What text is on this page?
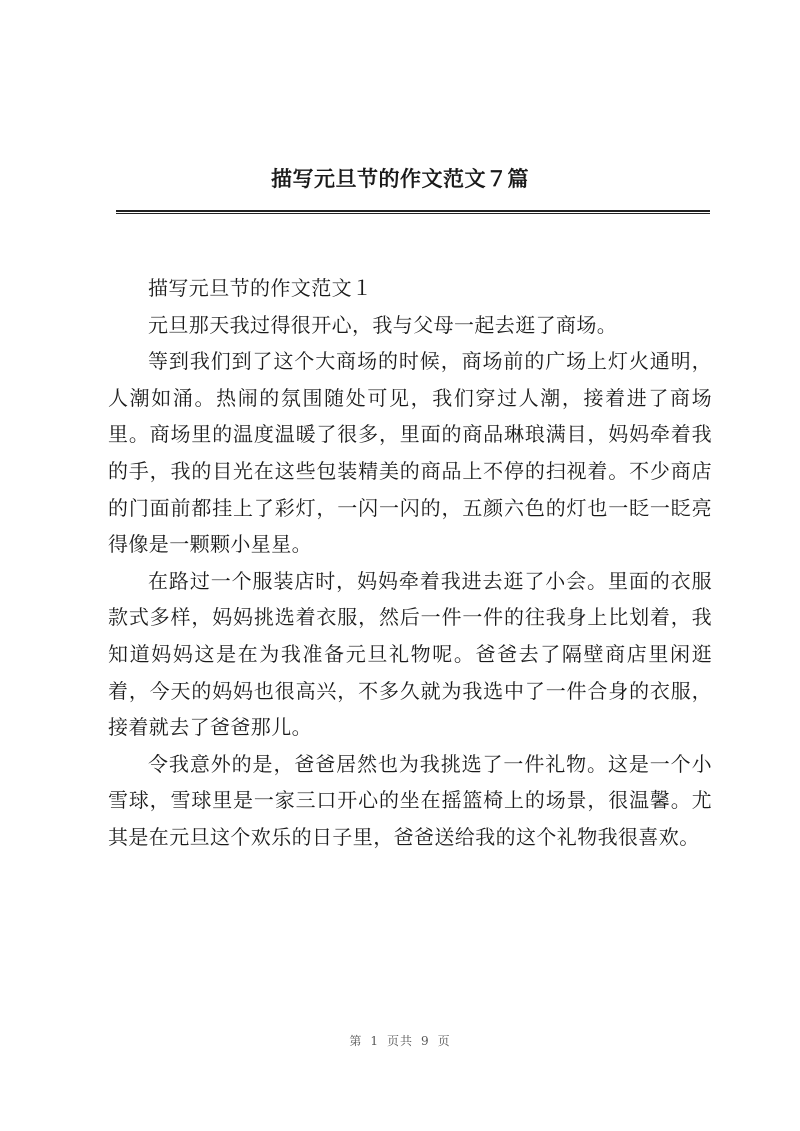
描写元旦节的作文范文７篇

描写元旦节的作文范文１

元旦那天我过得很开心，我与父母一起去逛了商场。

等到我们到了这个大商场的时候，商场前的广场上灯火通明，人潮如涌。热闹的氛围随处可见，我们穿过人潮，接着进了商场里。商场里的温度温暖了很多，里面的商品琳琅满目，妈妈牵着我的手，我的目光在这些包装精美的商品上不停的扫视着。不少商店的门面前都挂上了彩灯，一闪一闪的，五颜六色的灯也一眨一眨亮得像是一颗颗小星星。

在路过一个服装店时，妈妈牵着我进去逛了小会。里面的衣服款式多样，妈妈挑选着衣服，然后一件一件的往我身上比划着，我知道妈妈这是在为我准备元旦礼物呢。爸爸去了隔壁商店里闲逛着，今天的妈妈也很高兴，不多久就为我选中了一件合身的衣服，接着就去了爸爸那儿。

令我意外的是，爸爸居然也为我挑选了一件礼物。这是一个小雪球，雪球里是一家三口开心的坐在摇篮椅上的场景，很温馨。尤其是在元旦这个欢乐的日子里，爸爸送给我的这个礼物我很喜欢。

第 1 页共 9 页
